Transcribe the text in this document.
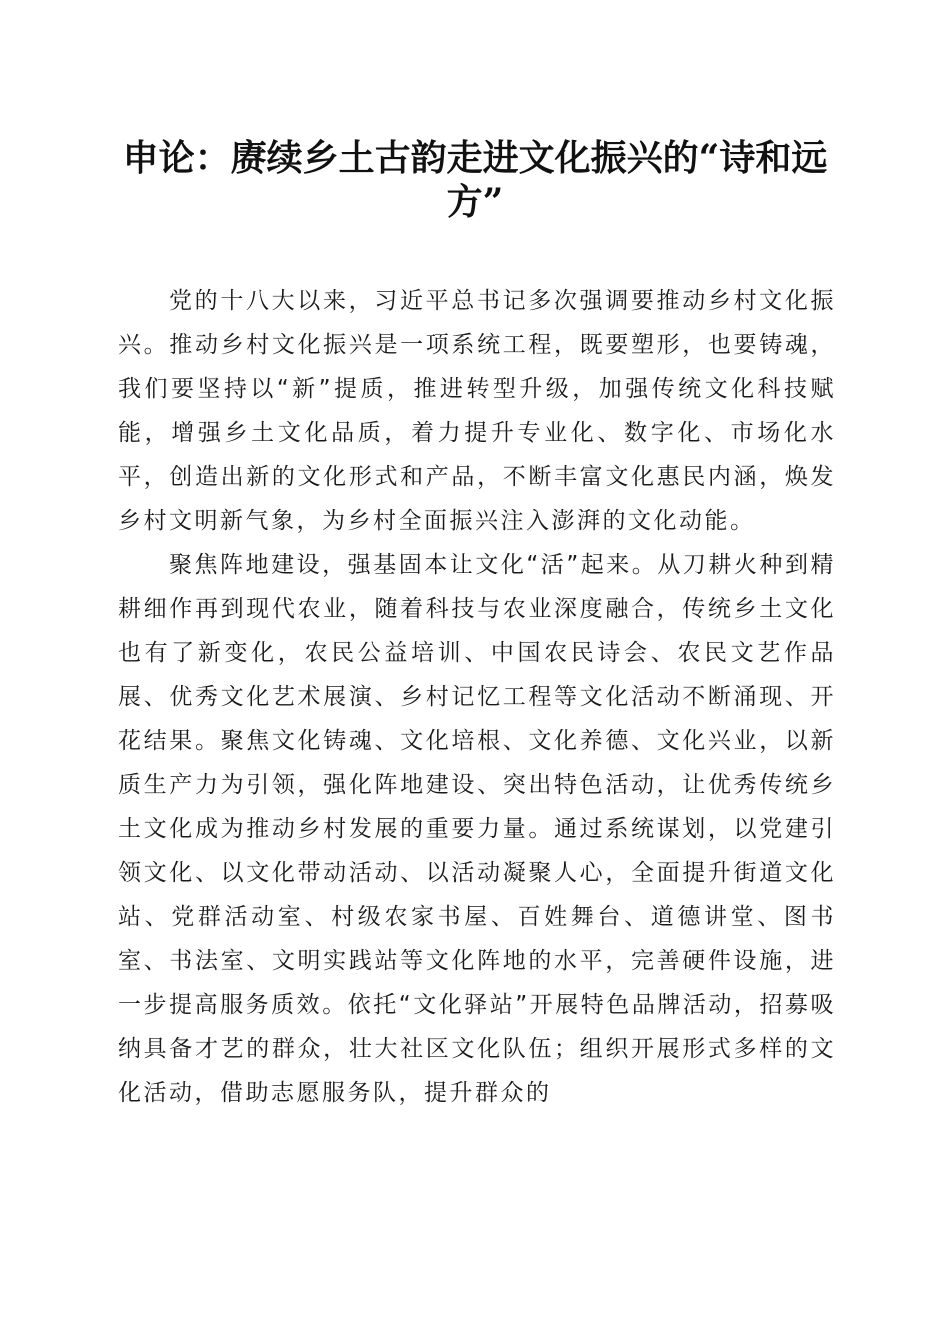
申论：赓续乡土古韵走进文化振兴的“诗和远方”

党的十八大以来，习近平总书记多次强调要推动乡村文化振兴。推动乡村文化振兴是一项系统工程，既要塑形，也要铸魂，我们要坚持以“新”提质，推进转型升级，加强传统文化科技赋能，增强乡土文化品质，着力提升专业化、数字化、市场化水平，创造出新的文化形式和产品，不断丰富文化惠民内涵，焕发乡村文明新气象，为乡村全面振兴注入澎湃的文化动能。

聚焦阵地建设，强基固本让文化“活”起来。从刀耕火种到精耕细作再到现代农业，随着科技与农业深度融合，传统乡土文化也有了新变化，农民公益培训、中国农民诗会、农民文艺作品展、优秀文化艺术展演、乡村记忆工程等文化活动不断涌现、开花结果。聚焦文化铸魂、文化培根、文化养德、文化兴业，以新质生产力为引领，强化阵地建设、突出特色活动，让优秀传统乡土文化成为推动乡村发展的重要力量。通过系统谋划，以党建引领文化、以文化带动活动、以活动凝聚人心，全面提升街道文化站、党群活动室、村级农家书屋、百姓舞台、道德讲堂、图书室、书法室、文明实践站等文化阵地的水平，完善硬件设施，进一步提高服务质效。依托“文化驿站”开展特色品牌活动，招募吸纳具备才艺的群众，壮大社区文化队伍；组织开展形式多样的文化活动，借助志愿服务队，提升群众的
